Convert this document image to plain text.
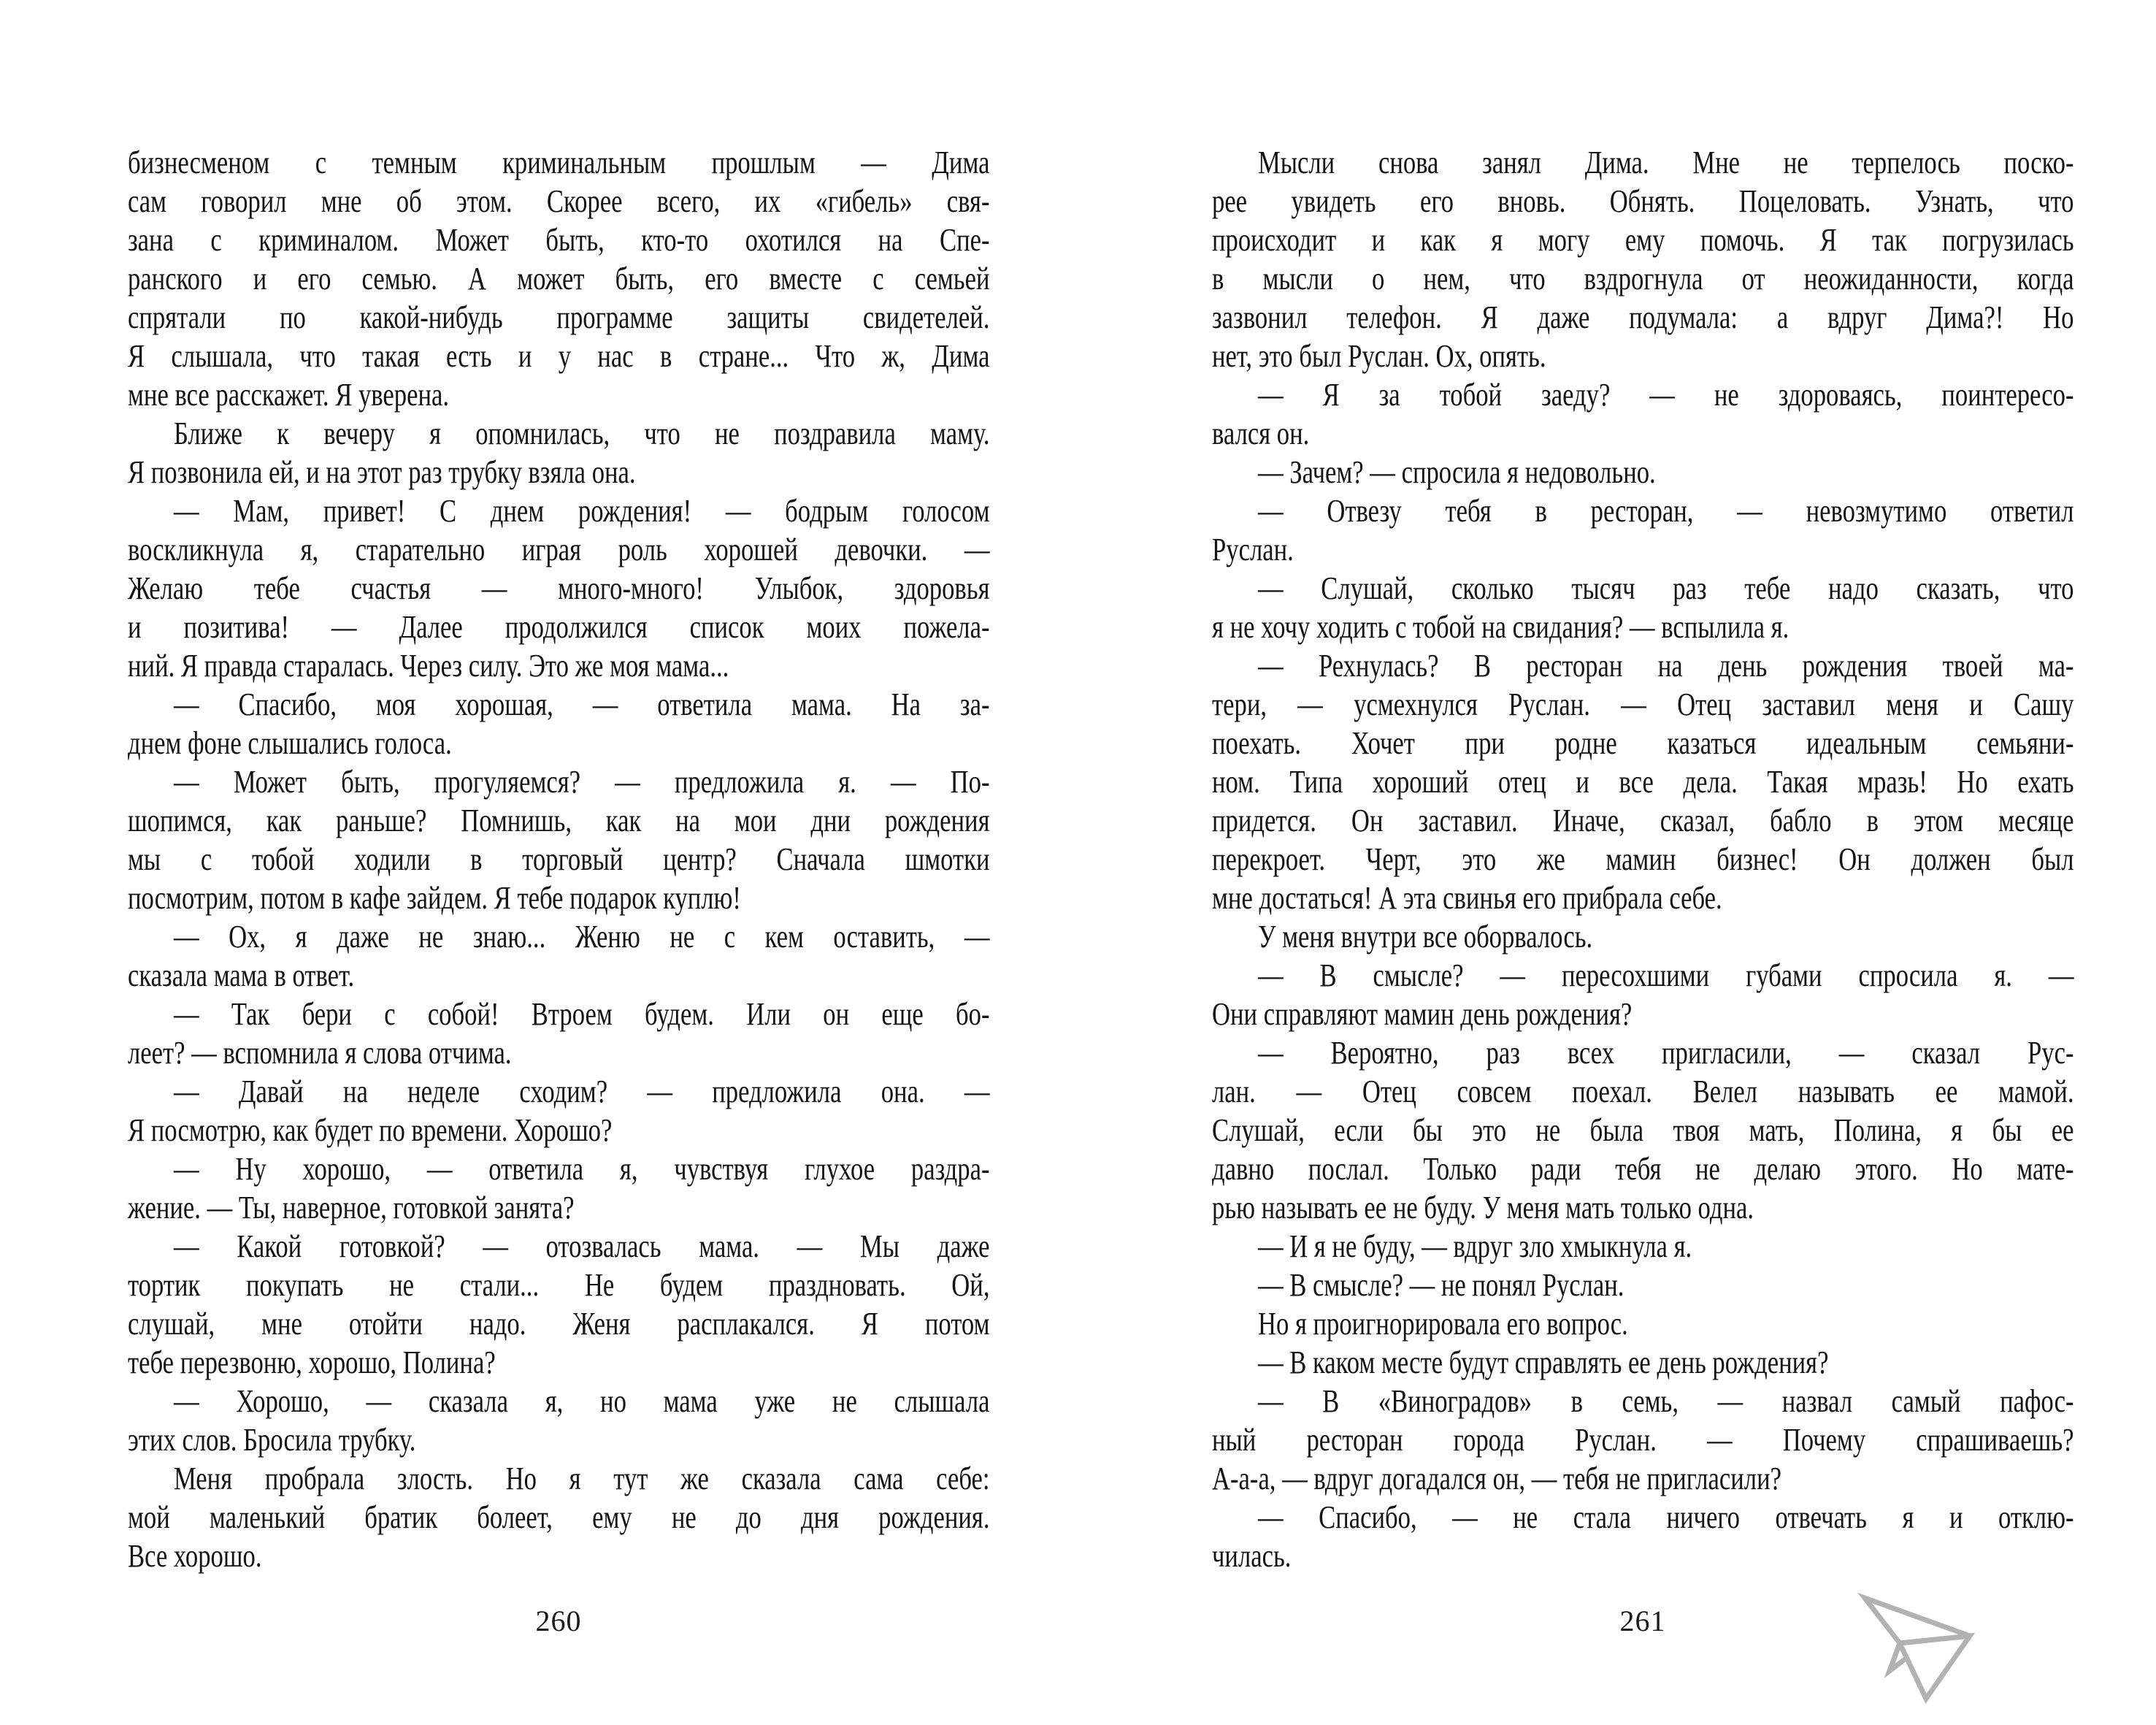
бизнесменом с темным криминальным прошлым — Дима
сам говорил мне об этом. Скорее всего, их «гибель» свя-
зана с криминалом. Может быть, кто-то охотился на Спе-
ранского и его семью. А может быть, его вместе с семьей
спрятали по какой-нибудь программе защиты свидетелей.
Я слышала, что такая есть и у нас в стране... Что ж, Дима
мне все расскажет. Я уверена.
Ближе к вечеру я опомнилась, что не поздравила маму.
Я позвонила ей, и на этот раз трубку взяла она.
— Мам, привет! С днем рождения! — бодрым голосом
воскликнула я, старательно играя роль хорошей девочки. —
Желаю тебе счастья — много-много! Улыбок, здоровья
и позитива! — Далее продолжился список моих пожела-
ний. Я правда старалась. Через силу. Это же моя мама...
— Спасибо, моя хорошая, — ответила мама. На за-
днем фоне слышались голоса.
— Может быть, прогуляемся? — предложила я. — По-
шопимся, как раньше? Помнишь, как на мои дни рождения
мы с тобой ходили в торговый центр? Сначала шмотки
посмотрим, потом в кафе зайдем. Я тебе подарок куплю!
— Ох, я даже не знаю... Женю не с кем оставить, —
сказала мама в ответ.
— Так бери с собой! Втроем будем. Или он еще бо-
леет? — вспомнила я слова отчима.
— Давай на неделе сходим? — предложила она. —
Я посмотрю, как будет по времени. Хорошо?
— Ну хорошо, — ответила я, чувствуя глухое раздра-
жение. — Ты, наверное, готовкой занята?
— Какой готовкой? — отозвалась мама. — Мы даже
тортик покупать не стали... Не будем праздновать. Ой,
слушай, мне отойти надо. Женя расплакался. Я потом
тебе перезвоню, хорошо, Полина?
— Хорошо, — сказала я, но мама уже не слышала
этих слов. Бросила трубку.
Меня пробрала злость. Но я тут же сказала сама себе:
мой маленький братик болеет, ему не до дня рождения.
Все хорошо.
Мысли снова занял Дима. Мне не терпелось поско-
рее увидеть его вновь. Обнять. Поцеловать. Узнать, что
происходит и как я могу ему помочь. Я так погрузилась
в мысли о нем, что вздрогнула от неожиданности, когда
зазвонил телефон. Я даже подумала: а вдруг Дима?! Но
нет, это был Руслан. Ох, опять.
— Я за тобой заеду? — не здороваясь, поинтересо-
вался он.
— Зачем? — спросила я недовольно.
— Отвезу тебя в ресторан, — невозмутимо ответил
Руслан.
— Слушай, сколько тысяч раз тебе надо сказать, что
я не хочу ходить с тобой на свидания? — вспылила я.
— Рехнулась? В ресторан на день рождения твоей ма-
тери, — усмехнулся Руслан. — Отец заставил меня и Сашу
поехать. Хочет при родне казаться идеальным семьяни-
ном. Типа хороший отец и все дела. Такая мразь! Но ехать
придется. Он заставил. Иначе, сказал, бабло в этом месяце
перекроет. Черт, это же мамин бизнес! Он должен был
мне достаться! А эта свинья его прибрала себе.
У меня внутри все оборвалось.
— В смысле? — пересохшими губами спросила я. —
Они справляют мамин день рождения?
— Вероятно, раз всех пригласили, — сказал Рус-
лан. — Отец совсем поехал. Велел называть ее мамой.
Слушай, если бы это не была твоя мать, Полина, я бы ее
давно послал. Только ради тебя не делаю этого. Но мате-
рью называть ее не буду. У меня мать только одна.
— И я не буду, — вдруг зло хмыкнула я.
— В смысле? — не понял Руслан.
Но я проигнорировала его вопрос.
— В каком месте будут справлять ее день рождения?
— В «Виноградов» в семь, — назвал самый пафос-
ный ресторан города Руслан. — Почему спрашиваешь?
А-а-а, — вдруг догадался он, — тебя не пригласили?
— Спасибо, — не стала ничего отвечать я и отклю-
чилась.
260	261
